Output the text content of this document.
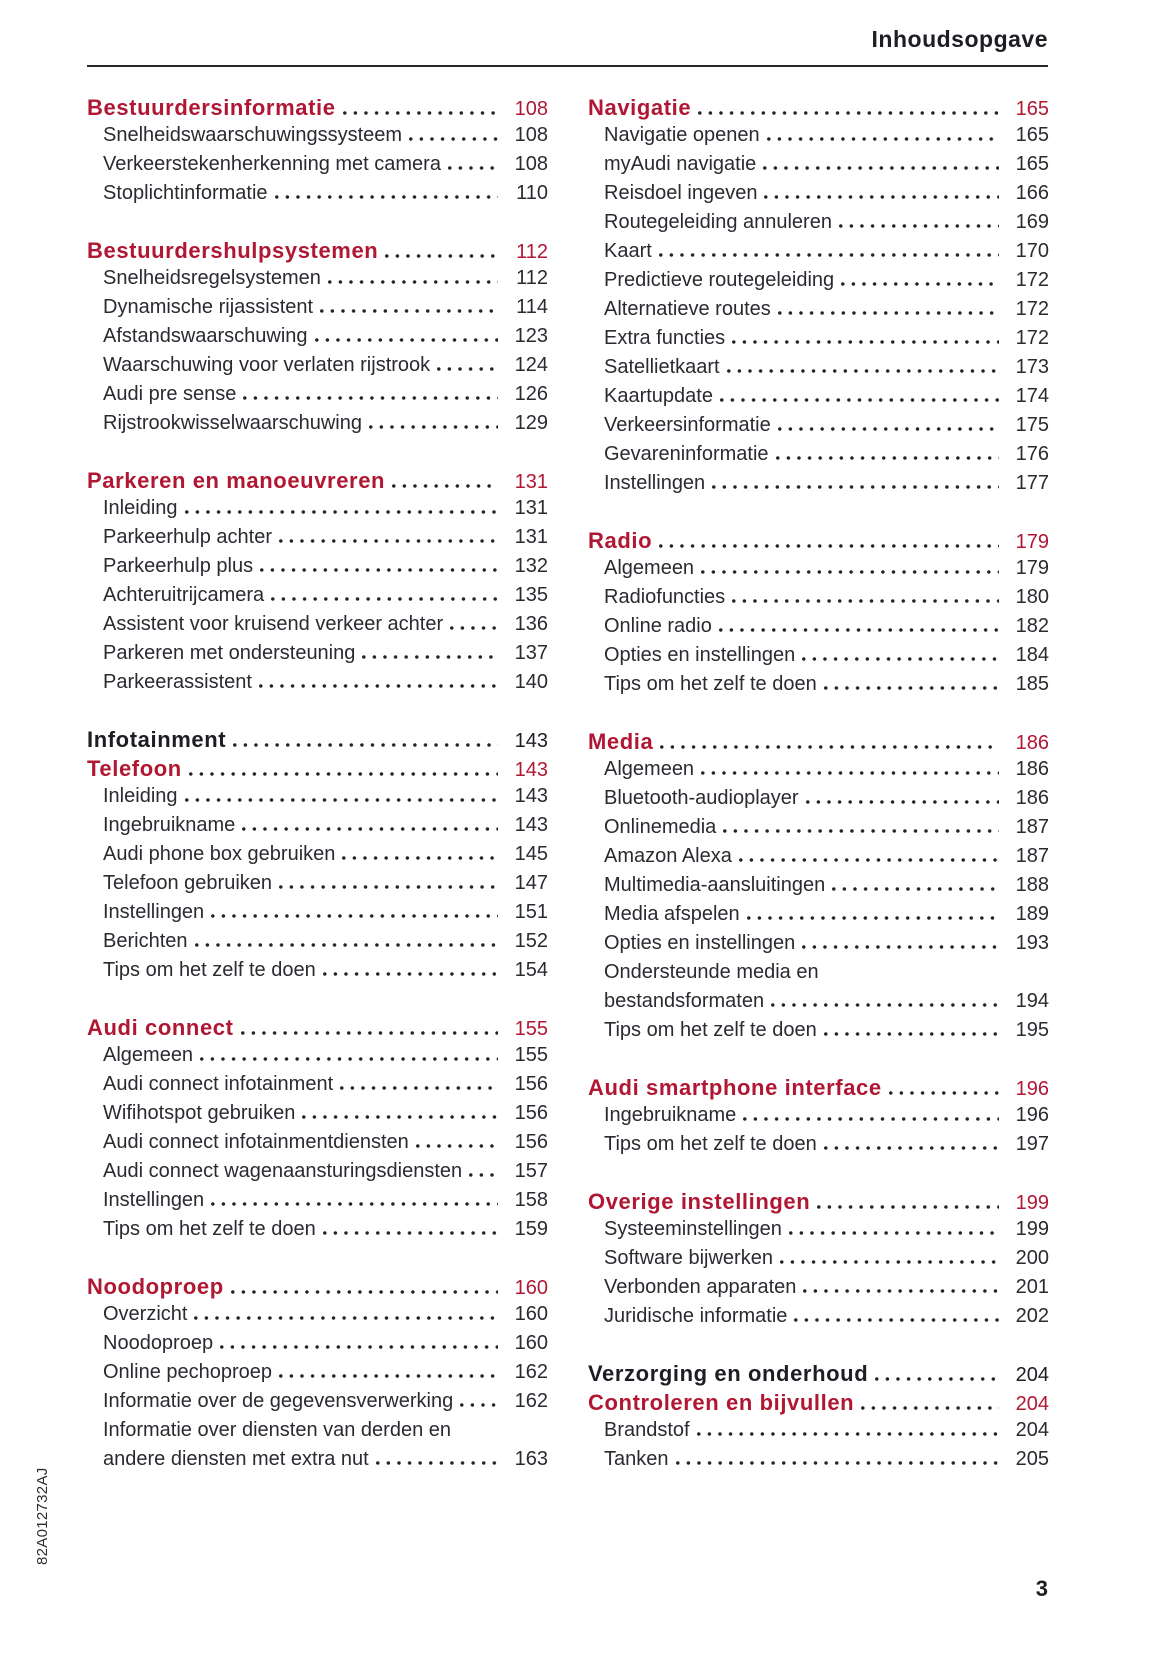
Inhoudsopgave
Bestuurdersinformatie	108
Snelheidswaarschuwingssysteem	108
Verkeerstekenherkenning met camera	108
Stoplichtinformatie	110
Bestuurdershulpsystemen	112
Snelheidsregelsystemen	112
Dynamische rijassistent	114
Afstandswaarschuwing	123
Waarschuwing voor verlaten rijstrook	124
Audi pre sense	126
Rijstrookwisselwaarschuwing	129
Parkeren en manoeuvreren	131
Inleiding	131
Parkeerhulp achter	131
Parkeerhulp plus	132
Achteruitrijcamera	135
Assistent voor kruisend verkeer achter	136
Parkeren met ondersteuning	137
Parkeerassistent	140
Infotainment	143
Telefoon	143
Inleiding	143
Ingebruikname	143
Audi phone box gebruiken	145
Telefoon gebruiken	147
Instellingen	151
Berichten	152
Tips om het zelf te doen	154
Audi connect	155
Algemeen	155
Audi connect infotainment	156
Wifihotspot gebruiken	156
Audi connect infotainmentdiensten	156
Audi connect wagenaansturingsdiensten	157
Instellingen	158
Tips om het zelf te doen	159
Noodoproep	160
Overzicht	160
Noodoproep	160
Online pechoproep	162
Informatie over de gegevensverwerking	162
Informatie over diensten van derden en
andere diensten met extra nut	163
Navigatie	165
Navigatie openen	165
myAudi navigatie	165
Reisdoel ingeven	166
Routegeleiding annuleren	169
Kaart	170
Predictieve routegeleiding	172
Alternatieve routes	172
Extra functies	172
Satellietkaart	173
Kaartupdate	174
Verkeersinformatie	175
Gevareninformatie	176
Instellingen	177
Radio	179
Algemeen	179
Radiofuncties	180
Online radio	182
Opties en instellingen	184
Tips om het zelf te doen	185
Media	186
Algemeen	186
Bluetooth-audioplayer	186
Onlinemedia	187
Amazon Alexa	187
Multimedia-aansluitingen	188
Media afspelen	189
Opties en instellingen	193
Ondersteunde media en
bestandsformaten	194
Tips om het zelf te doen	195
Audi smartphone interface	196
Ingebruikname	196
Tips om het zelf te doen	197
Overige instellingen	199
Systeeminstellingen	199
Software bijwerken	200
Verbonden apparaten	201
Juridische informatie	202
Verzorging en onderhoud	204
Controleren en bijvullen	204
Brandstof	204
Tanken	205
82A012732AJ
3
